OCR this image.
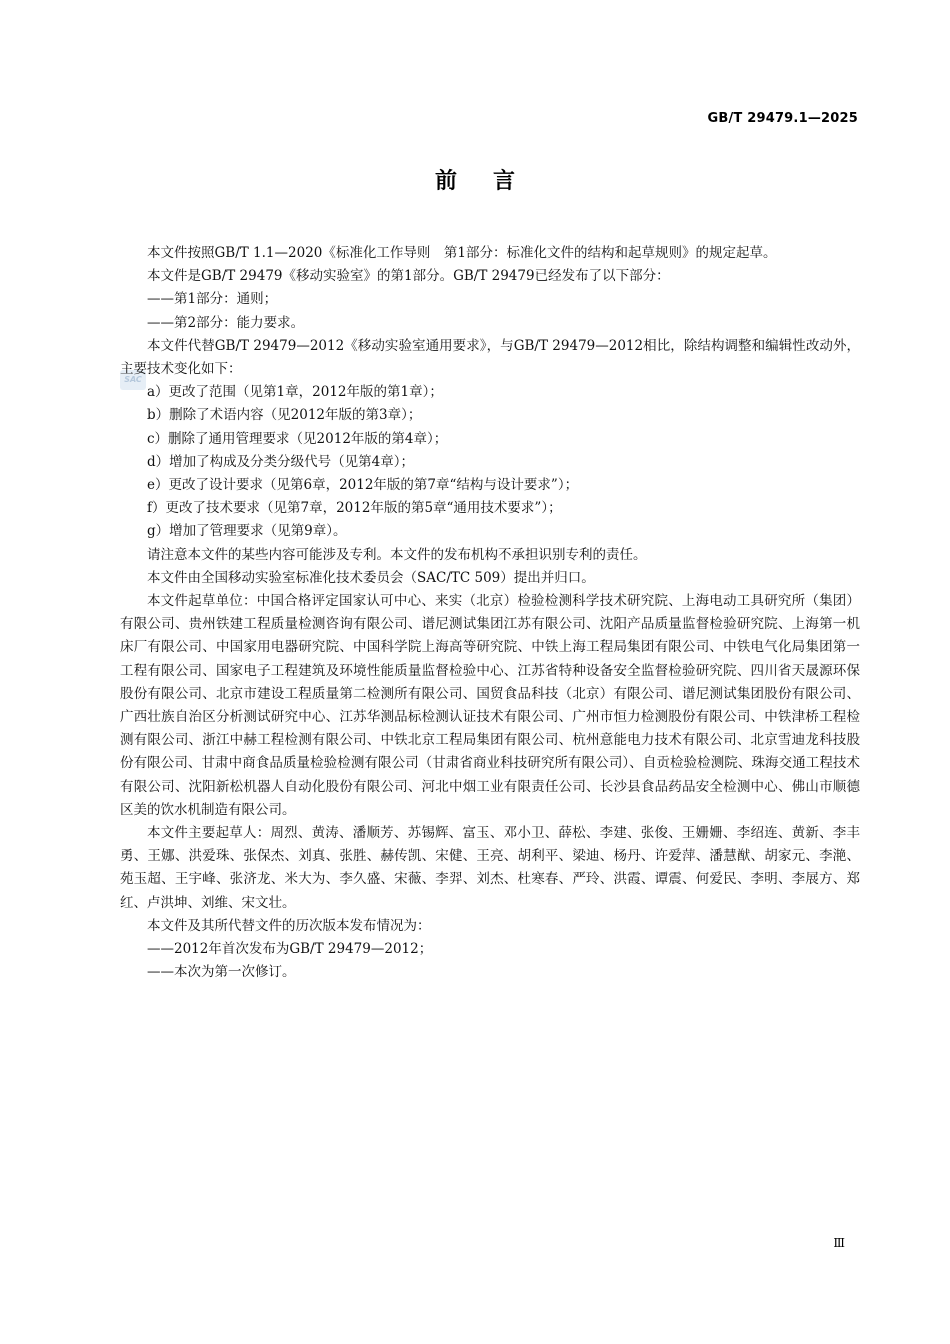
GB/T 29479.1—2025
前言
SAC

本文件按照GB/T 1.1—2020《标准化工作导则　第1部分：标准化文件的结构和起草规则》的规定起草。

本文件是GB/T 29479《移动实验室》的第1部分。GB/T 29479已经发布了以下部分：

——第1部分：通则；

——第2部分：能力要求。

本文件代替GB/T 29479—2012《移动实验室通用要求》，与GB/T 29479—2012相比，除结构调整和编辑性改动外，主要技术变化如下：

a）更改了范围（见第1章，2012年版的第1章）；

b）删除了术语内容（见2012年版的第3章）；

c）删除了通用管理要求（见2012年版的第4章）；

d）增加了构成及分类分级代号（见第4章）；

e）更改了设计要求（见第6章，2012年版的第7章“结构与设计要求”）；

f）更改了技术要求（见第7章，2012年版的第5章“通用技术要求”）；

g）增加了管理要求（见第9章）。

请注意本文件的某些内容可能涉及专利。本文件的发布机构不承担识别专利的责任。

本文件由全国移动实验室标准化技术委员会（SAC/TC 509）提出并归口。

本文件起草单位：中国合格评定国家认可中心、来实（北京）检验检测科学技术研究院、上海电动工具研究所（集团）有限公司、贵州铁建工程质量检测咨询有限公司、谱尼测试集团江苏有限公司、沈阳产品质量监督检验研究院、上海第一机床厂有限公司、中国家用电器研究院、中国科学院上海高等研究院、中铁上海工程局集团有限公司、中铁电气化局集团第一工程有限公司、国家电子工程建筑及环境性能质量监督检验中心、江苏省特种设备安全监督检验研究院、四川省天晟源环保股份有限公司、北京市建设工程质量第二检测所有限公司、国贸食品科技（北京）有限公司、谱尼测试集团股份有限公司、广西壮族自治区分析测试研究中心、江苏华测品标检测认证技术有限公司、广州市恒力检测股份有限公司、中铁津桥工程检测有限公司、浙江中赫工程检测有限公司、中铁北京工程局集团有限公司、杭州意能电力技术有限公司、北京雪迪龙科技股份有限公司、甘肃中商食品质量检验检测有限公司（甘肃省商业科技研究所有限公司）、自贡检验检测院、珠海交通工程技术有限公司、沈阳新松机器人自动化股份有限公司、河北中烟工业有限责任公司、长沙县食品药品安全检测中心、佛山市顺德区美的饮水机制造有限公司。

本文件主要起草人：周烈、黄涛、潘顺芳、苏锡辉、富玉、邓小卫、薛松、李建、张俊、王姗姗、李绍连、黄新、李丰勇、王娜、洪爱珠、张保杰、刘真、张胜、赫传凯、宋健、王亮、胡利平、梁迪、杨丹、许爱萍、潘慧猷、胡家元、李滟、苑玉超、王宇峰、张济龙、米大为、李久盛、宋薇、李羿、刘杰、杜寒春、严玲、洪霞、谭震、何爱民、李明、李展方、郑红、卢洪坤、刘维、宋文壮。

本文件及其所代替文件的历次版本发布情况为：

——2012年首次发布为GB/T 29479—2012；

——本次为第一次修订。

Ⅲ
